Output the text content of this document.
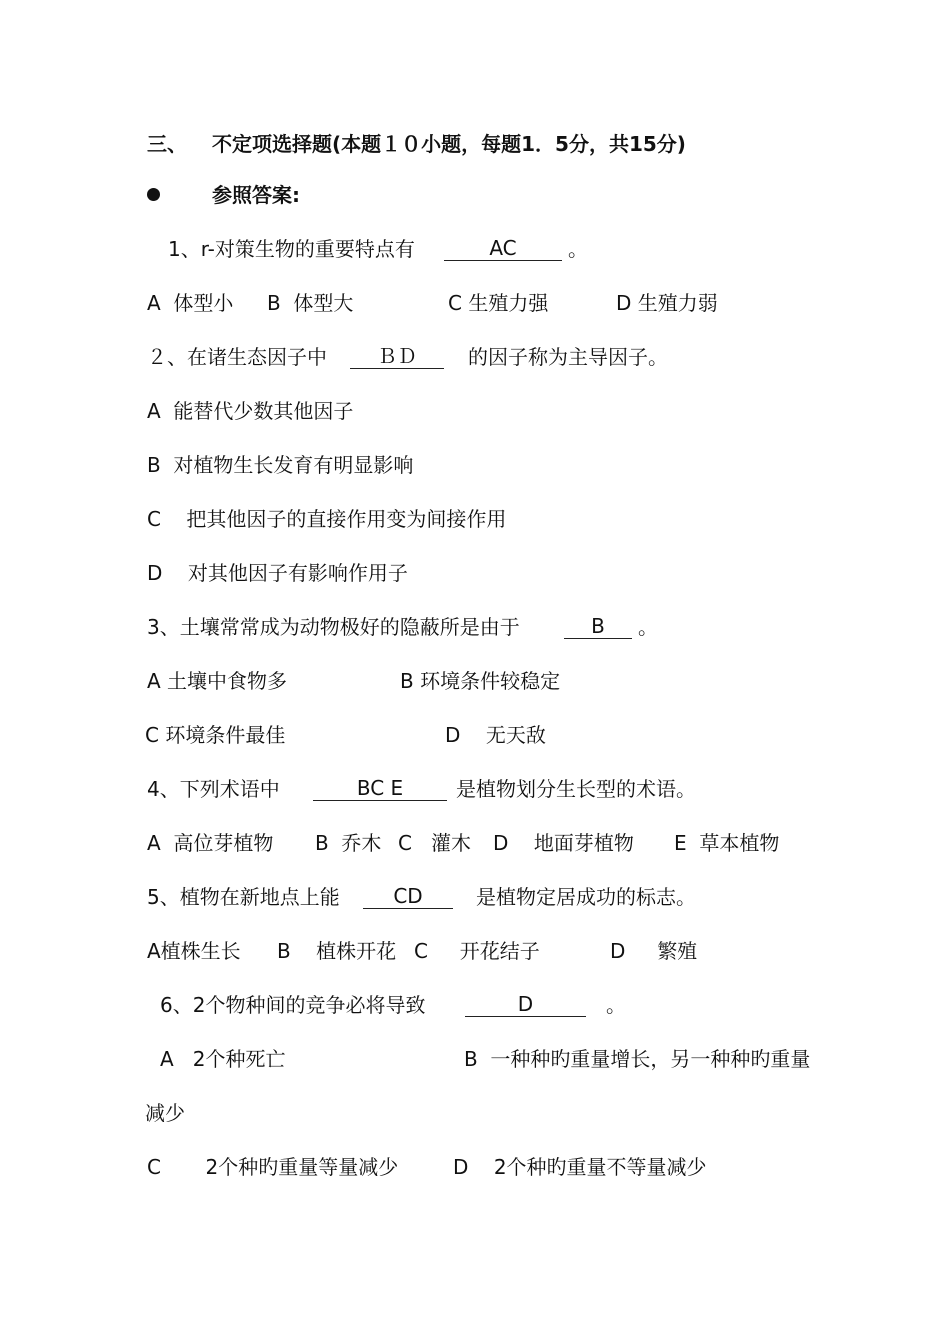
三、

不定项选择题(本题１０小题，每题1．5分，共15分)

参照答案:

1、r-对策生物的重要特点有

	AC

	。

A  体型小

B  体型大

	C 生殖力强

	D 生殖力弱

２、在诸生态因子中

	ＢＤ

	的因子称为主导因子。

A  能替代少数其他因子

B  对植物生长发育有明显影响

C    把其他因子的直接作用变为间接作用

D    对其他因子有影响作用子

3、土壤常常成为动物极好的隐蔽所是由于

	B

	。

A 土壤中食物多

	B 环境条件较稳定

C 环境条件最佳

	D    无天敌

4、下列术语中

	BC E

	是植物划分生长型的术语。

A  高位芽植物

B  乔木

C   灌木

D    地面芽植物

E  草本植物

5、植物在新地点上能

	CD

	是植物定居成功的标志。

A植株生长

B    植株开花

C     开花结子

	D     繁殖

6、2个物种间的竞争必将导致

	D

	。

A   2个种死亡

	B  一种种旳重量增长，另一种种旳重量

减少

C       2个种旳重量等量减少

	D    2个种旳重量不等量减少
